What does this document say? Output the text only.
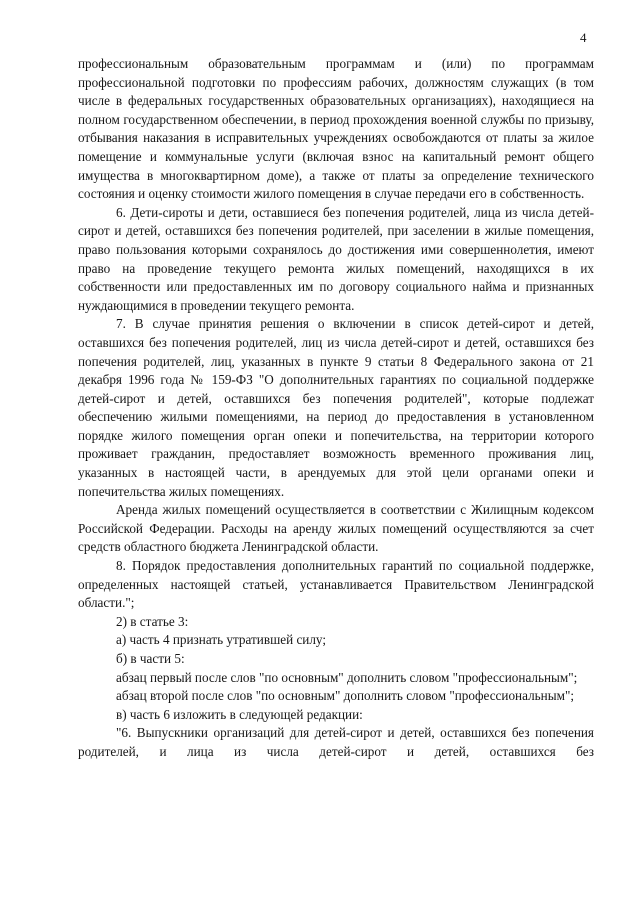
4

профессиональным образовательным программам и (или) по программам профессиональной подготовки по профессиям рабочих, должностям служащих (в том числе в федеральных государственных образовательных организациях), находящиеся на полном государственном обеспечении, в период прохождения военной службы по призыву, отбывания наказания в исправительных учреждениях освобождаются от платы за жилое помещение и коммунальные услуги (включая взнос на капитальный ремонт общего имущества в многоквартирном доме), а также от платы за определение технического состояния и оценку стоимости жилого помещения в случае передачи его в собственность.

6. Дети-сироты и дети, оставшиеся без попечения родителей, лица из числа детей-сирот и детей, оставшихся без попечения родителей, при заселении в жилые помещения, право пользования которыми сохранялось до достижения ими совершеннолетия, имеют право на проведение текущего ремонта жилых помещений, находящихся в их собственности или предоставленных им по договору социального найма и признанных нуждающимися в проведении текущего ремонта.

7. В случае принятия решения о включении в список детей-сирот и детей, оставшихся без попечения родителей, лиц из числа детей-сирот и детей, оставшихся без попечения родителей, лиц, указанных в пункте 9 статьи 8 Федерального закона от 21 декабря 1996 года № 159-ФЗ "О дополнительных гарантиях по социальной поддержке детей-сирот и детей, оставшихся без попечения родителей", которые подлежат обеспечению жилыми помещениями, на период до предоставления в установленном порядке жилого помещения орган опеки и попечительства, на территории которого проживает гражданин, предоставляет возможность временного проживания лиц, указанных в настоящей части, в арендуемых для этой цели органами опеки и попечительства жилых помещениях.

Аренда жилых помещений осуществляется в соответствии с Жилищным кодексом Российской Федерации. Расходы на аренду жилых помещений осуществляются за счет средств областного бюджета Ленинградской области.

8. Порядок предоставления дополнительных гарантий по социальной поддержке, определенных настоящей статьей, устанавливается Правительством Ленинградской области.";

2) в статье 3:

а) часть 4 признать утратившей силу;

б) в части 5:

абзац первый после слов "по основным" дополнить словом "профессиональным";

абзац второй после слов "по основным" дополнить словом "профессиональным";

в) часть 6 изложить в следующей редакции:

"6. Выпускники организаций для детей-сирот и детей, оставшихся без попечения родителей, и лица из числа детей-сирот и детей, оставшихся без
